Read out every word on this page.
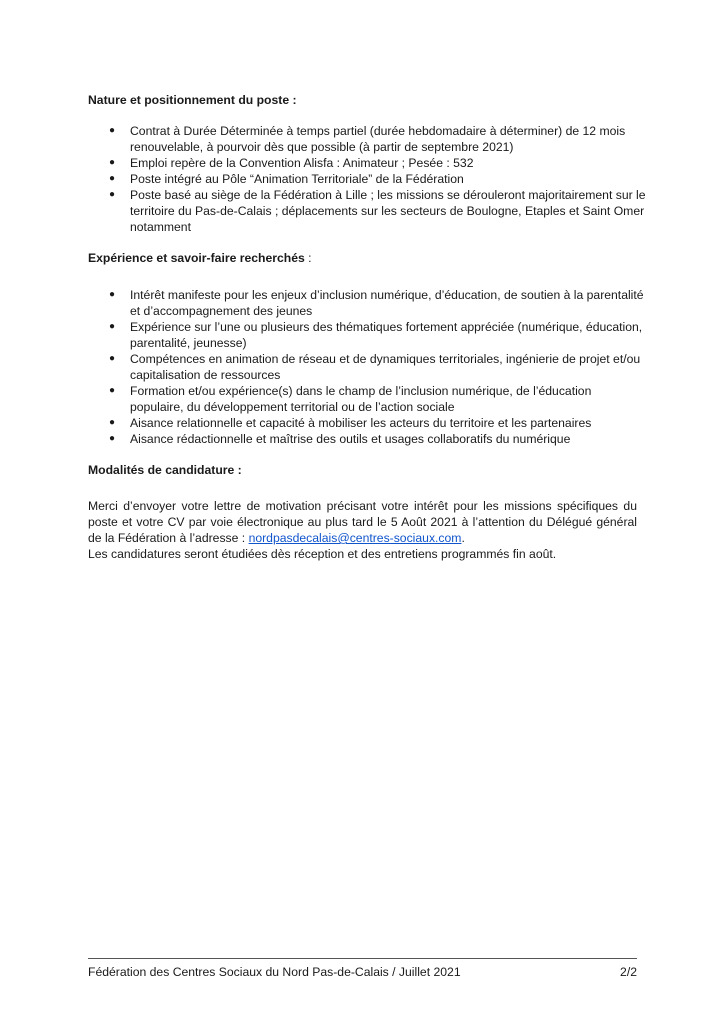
Nature et positionnement du poste :
● Contrat à Durée Déterminée à temps partiel (durée hebdomadaire à déterminer) de 12 mois renouvelable, à pourvoir dès que possible (à partir de septembre 2021)
● Emploi repère de la Convention Alisfa : Animateur ; Pesée : 532
● Poste intégré au Pôle “Animation Territoriale” de la Fédération
● Poste basé au siège de la Fédération à Lille ; les missions se dérouleront majoritairement sur le territoire du Pas-de-Calais ; déplacements sur les secteurs de Boulogne, Etaples et Saint Omer notamment
Expérience et savoir-faire recherchés :
● Intérêt manifeste pour les enjeux d’inclusion numérique, d’éducation, de soutien à la parentalité et d’accompagnement des jeunes
● Expérience sur l’une ou plusieurs des thématiques fortement appréciée (numérique, éducation, parentalité, jeunesse)
● Compétences en animation de réseau et de dynamiques territoriales, ingénierie de projet et/ou capitalisation de ressources
● Formation et/ou expérience(s) dans le champ de l’inclusion numérique, de l’éducation populaire, du développement territorial ou de l’action sociale
● Aisance relationnelle et capacité à mobiliser les acteurs du territoire et les partenaires
● Aisance rédactionnelle et maîtrise des outils et usages collaboratifs du numérique
Modalités de candidature :

Merci d’envoyer votre lettre de motivation précisant votre intérêt pour les missions spécifiques du poste et votre CV par voie électronique au plus tard le 5 Août 2021 à l’attention du Délégué général de la Fédération à l’adresse : nordpasdecalais@centres-sociaux.com.

Les candidatures seront étudiées dès réception et des entretiens programmés fin août.

Fédération des Centres Sociaux du Nord Pas-de-Calais / Juillet 2021	2/2
